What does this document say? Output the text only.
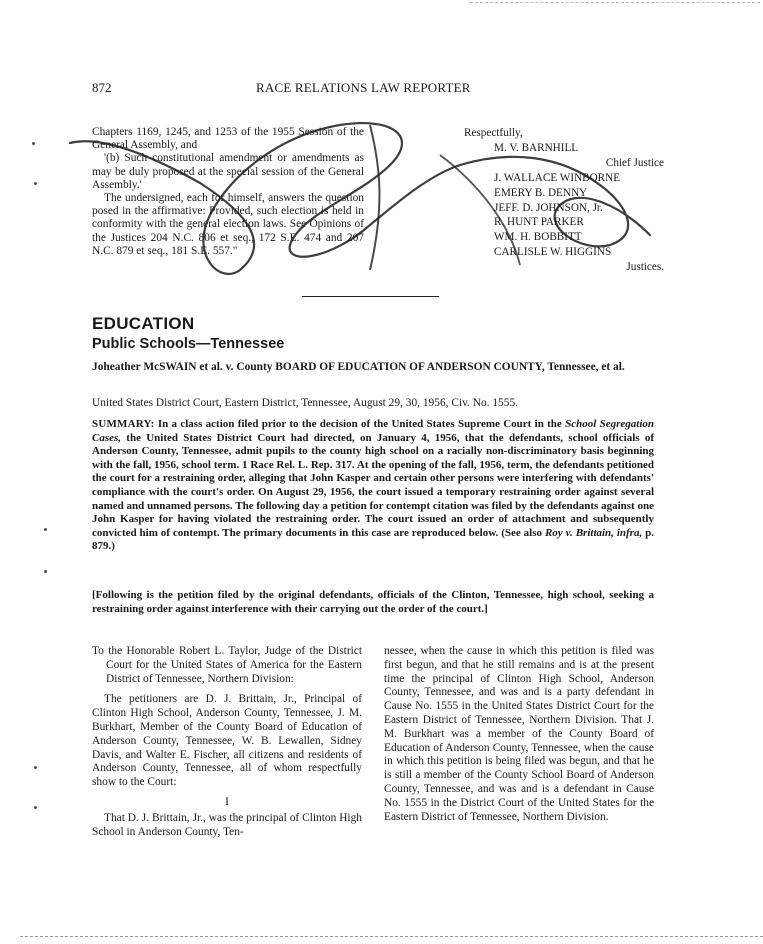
872	RACE RELATIONS LAW REPORTER

Chapters 1169, 1245, and 1253 of the 1955 Session of the General Assembly, and

'(b) Such constitutional amendment or amendments as may be duly proposed at the special session of the General Assembly.'

The undersigned, each for himself, answers the question posed in the affirmative: Provided, such election is held in conformity with the general election laws. See Opinions of the Justices 204 N.C. 806 et seq., 172 S.E. 474 and 207 N.C. 879 et seq., 181 S.E. 557."

Respectfully,
M. V. BARNHILL
Chief Justice
J. WALLACE WINBORNE
EMERY B. DENNY
JEFF. D. JOHNSON, Jr.
R. HUNT PARKER
WM. H. BOBBITT
CARLISLE W. HIGGINS
Justices.
EDUCATION
Public Schools—Tennessee
Joheather McSWAIN et al. v. County BOARD OF EDUCATION OF ANDERSON COUNTY, Tennessee, et al.
United States District Court, Eastern District, Tennessee, August 29, 30, 1956, Civ. No. 1555.
SUMMARY: In a class action filed prior to the decision of the United States Supreme Court in the School Segregation Cases, the United States District Court had directed, on January 4, 1956, that the defendants, school officials of Anderson County, Tennessee, admit pupils to the county high school on a racially non-discriminatory basis beginning with the fall, 1956, school term. 1 Race Rel. L. Rep. 317. At the opening of the fall, 1956, term, the defendants petitioned the court for a restraining order, alleging that John Kasper and certain other persons were interfering with defendants' compliance with the court's order. On August 29, 1956, the court issued a temporary restraining order against several named and unnamed persons. The following day a petition for contempt citation was filed by the defendants against one John Kasper for having violated the restraining order. The court issued an order of attachment and subsequently convicted him of contempt. The primary documents in this case are reproduced below. (See also Roy v. Brittain, infra, p. 879.)
[Following is the petition filed by the original defendants, officials of the Clinton, Tennessee, high school, seeking a restraining order against interference with their carrying out the order of the court.]

To the Honorable Robert L. Taylor, Judge of the District Court for the United States of America for the Eastern District of Tennessee, Northern Division:

The petitioners are D. J. Brittain, Jr., Principal of Clinton High School, Anderson County, Tennessee, J. M. Burkhart, Member of the County Board of Education of Anderson County, Tennessee, W. B. Lewallen, Sidney Davis, and Walter E. Fischer, all citizens and residents of Anderson County, Tennessee, all of whom respectfully show to the Court:

I

That D. J. Brittain, Jr., was the principal of Clinton High School in Anderson County, Ten-

nessee, when the cause in which this petition is filed was first begun, and that he still remains and is at the present time the principal of Clinton High School, Anderson County, Tennessee, and was and is a party defendant in Cause No. 1555 in the United States District Court for the Eastern District of Tennessee, Northern Division. That J. M. Burkhart was a member of the County Board of Education of Anderson County, Tennessee, when the cause in which this petition is being filed was begun, and that he is still a member of the County School Board of Anderson County, Tennessee, and was and is a defendant in Cause No. 1555 in the District Court of the United States for the Eastern District of Tennessee, Northern Division.
